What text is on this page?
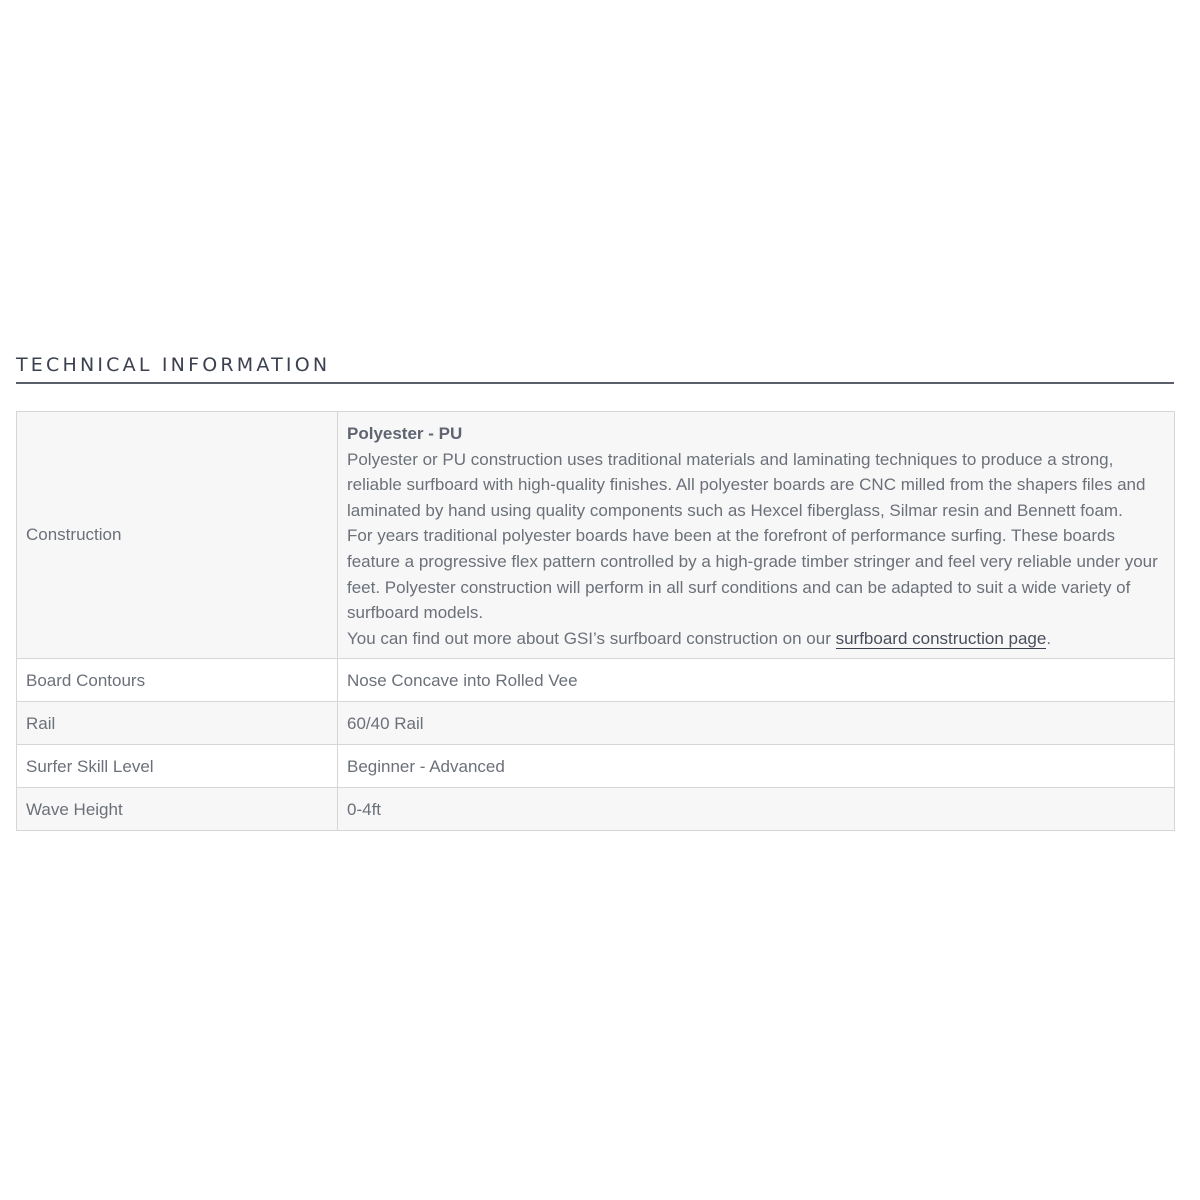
TECHNICAL INFORMATION
Construction	Polyester - PU
Polyester or PU construction uses traditional materials and laminating techniques to produce a strong, reliable surfboard with high-quality finishes. All polyester boards are CNC milled from the shapers files and laminated by hand using quality components such as Hexcel fiberglass, Silmar resin and Bennett foam.
For years traditional polyester boards have been at the forefront of performance surfing. These boards feature a progressive flex pattern controlled by a high-grade timber stringer and feel very reliable under your feet. Polyester construction will perform in all surf conditions and can be adapted to suit a wide variety of surfboard models.
You can find out more about GSI’s surfboard construction on our surfboard construction page.

Board Contours	Nose Concave into Rolled Vee
Rail	60/40 Rail
Surfer Skill Level	Beginner - Advanced
Wave Height	0-4ft
